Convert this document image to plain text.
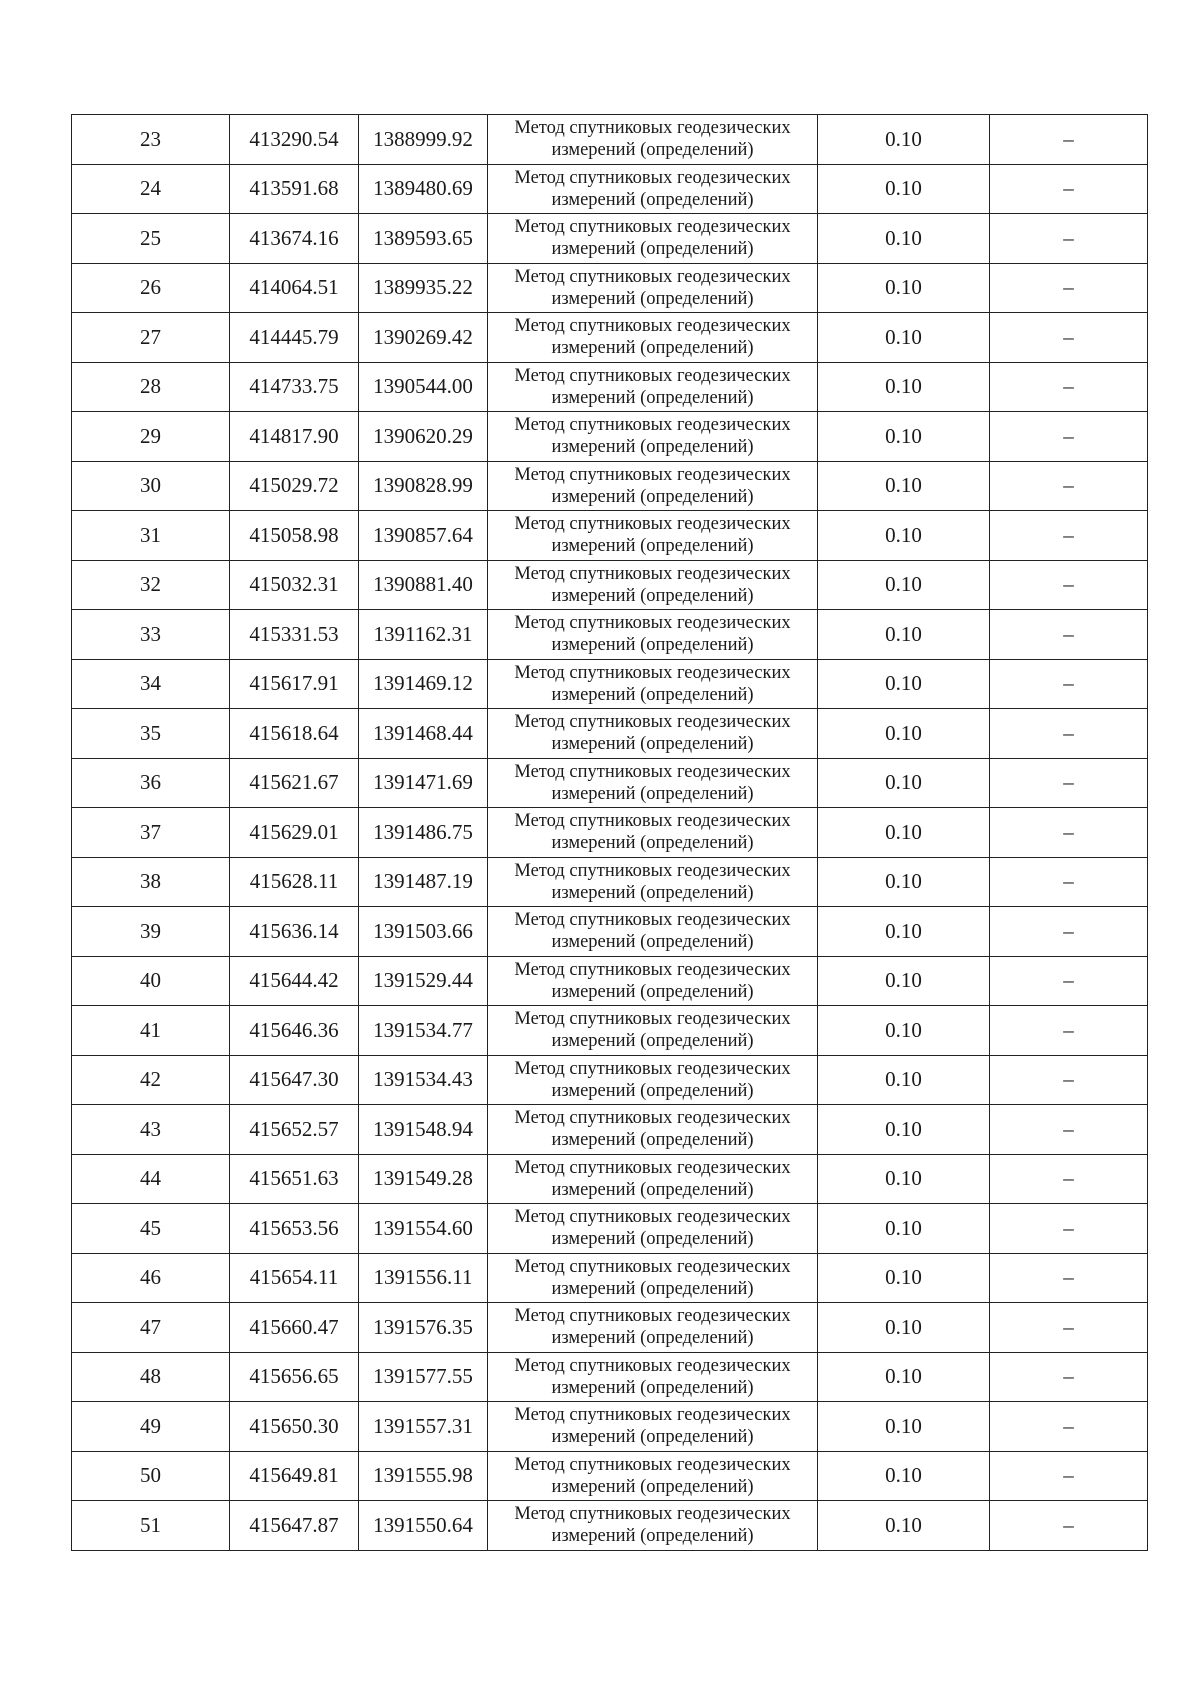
23	413290.54	1388999.92	Метод спутниковых геодезических измерений (определений)	0.10	–
24	413591.68	1389480.69	Метод спутниковых геодезических измерений (определений)	0.10	–
25	413674.16	1389593.65	Метод спутниковых геодезических измерений (определений)	0.10	–
26	414064.51	1389935.22	Метод спутниковых геодезических измерений (определений)	0.10	–
27	414445.79	1390269.42	Метод спутниковых геодезических измерений (определений)	0.10	–
28	414733.75	1390544.00	Метод спутниковых геодезических измерений (определений)	0.10	–
29	414817.90	1390620.29	Метод спутниковых геодезических измерений (определений)	0.10	–
30	415029.72	1390828.99	Метод спутниковых геодезических измерений (определений)	0.10	–
31	415058.98	1390857.64	Метод спутниковых геодезических измерений (определений)	0.10	–
32	415032.31	1390881.40	Метод спутниковых геодезических измерений (определений)	0.10	–
33	415331.53	1391162.31	Метод спутниковых геодезических измерений (определений)	0.10	–
34	415617.91	1391469.12	Метод спутниковых геодезических измерений (определений)	0.10	–
35	415618.64	1391468.44	Метод спутниковых геодезических измерений (определений)	0.10	–
36	415621.67	1391471.69	Метод спутниковых геодезических измерений (определений)	0.10	–
37	415629.01	1391486.75	Метод спутниковых геодезических измерений (определений)	0.10	–
38	415628.11	1391487.19	Метод спутниковых геодезических измерений (определений)	0.10	–
39	415636.14	1391503.66	Метод спутниковых геодезических измерений (определений)	0.10	–
40	415644.42	1391529.44	Метод спутниковых геодезических измерений (определений)	0.10	–
41	415646.36	1391534.77	Метод спутниковых геодезических измерений (определений)	0.10	–
42	415647.30	1391534.43	Метод спутниковых геодезических измерений (определений)	0.10	–
43	415652.57	1391548.94	Метод спутниковых геодезических измерений (определений)	0.10	–
44	415651.63	1391549.28	Метод спутниковых геодезических измерений (определений)	0.10	–
45	415653.56	1391554.60	Метод спутниковых геодезических измерений (определений)	0.10	–
46	415654.11	1391556.11	Метод спутниковых геодезических измерений (определений)	0.10	–
47	415660.47	1391576.35	Метод спутниковых геодезических измерений (определений)	0.10	–
48	415656.65	1391577.55	Метод спутниковых геодезических измерений (определений)	0.10	–
49	415650.30	1391557.31	Метод спутниковых геодезических измерений (определений)	0.10	–
50	415649.81	1391555.98	Метод спутниковых геодезических измерений (определений)	0.10	–
51	415647.87	1391550.64	Метод спутниковых геодезических измерений (определений)	0.10	–
